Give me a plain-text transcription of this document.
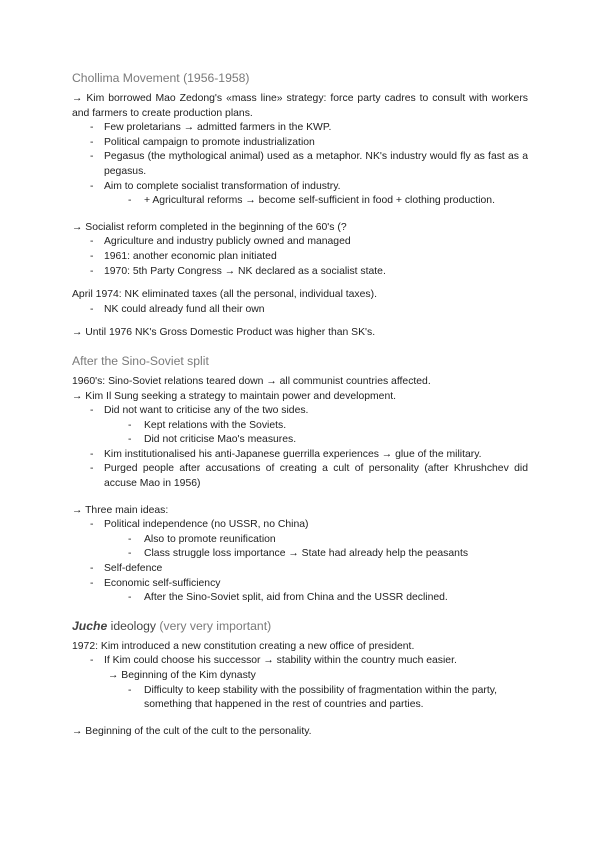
Chollima Movement (1956-1958)

→ Kim borrowed Mao Zedong's «mass line» strategy: force party cadres to consult with workers and farmers to create production plans.

- Few proletarians → admitted farmers in the KWP.
- Political campaign to promote industrialization
- Pegasus (the mythological animal) used as a metaphor. NK's industry would fly as fast as a pegasus.
- Aim to complete socialist transformation of industry.
- + Agricultural reforms → become self-sufficient in food + clothing production.

→ Socialist reform completed in the beginning of the 60's (?

- Agriculture and industry publicly owned and managed
- 1961: another economic plan initiated
- 1970: 5th Party Congress → NK declared as a socialist state.

April 1974: NK eliminated taxes (all the personal, individual taxes).

- NK could already fund all their own

→ Until 1976 NK's Gross Domestic Product was higher than SK's.

After the Sino-Soviet split

1960's: Sino-Soviet relations teared down → all communist countries affected.

→ Kim Il Sung seeking a strategy to maintain power and development.

- Did not want to criticise any of the two sides.
- Kept relations with the Soviets.
- Did not criticise Mao's measures.
- Kim institutionalised his anti-Japanese guerrilla experiences → glue of the military.
- Purged people after accusations of creating a cult of personality (after Khrushchev did accuse Mao in 1956)

→ Three main ideas:

- Political independence (no USSR, no China)
- Also to promote reunification
- Class struggle loss importance → State had already help the peasants
- Self-defence
- Economic self-sufficiency
- After the Sino-Soviet split, aid from China and the USSR declined.
Juche ideology (very very important)

1972: Kim introduced a new constitution creating a new office of president.

- If Kim could choose his successor → stability within the country much easier.
→ Beginning of the Kim dynasty
- Difficulty to keep stability with the possibility of fragmentation within the party, something that happened in the rest of countries and parties.

→ Beginning of the cult of the cult to the personality.
